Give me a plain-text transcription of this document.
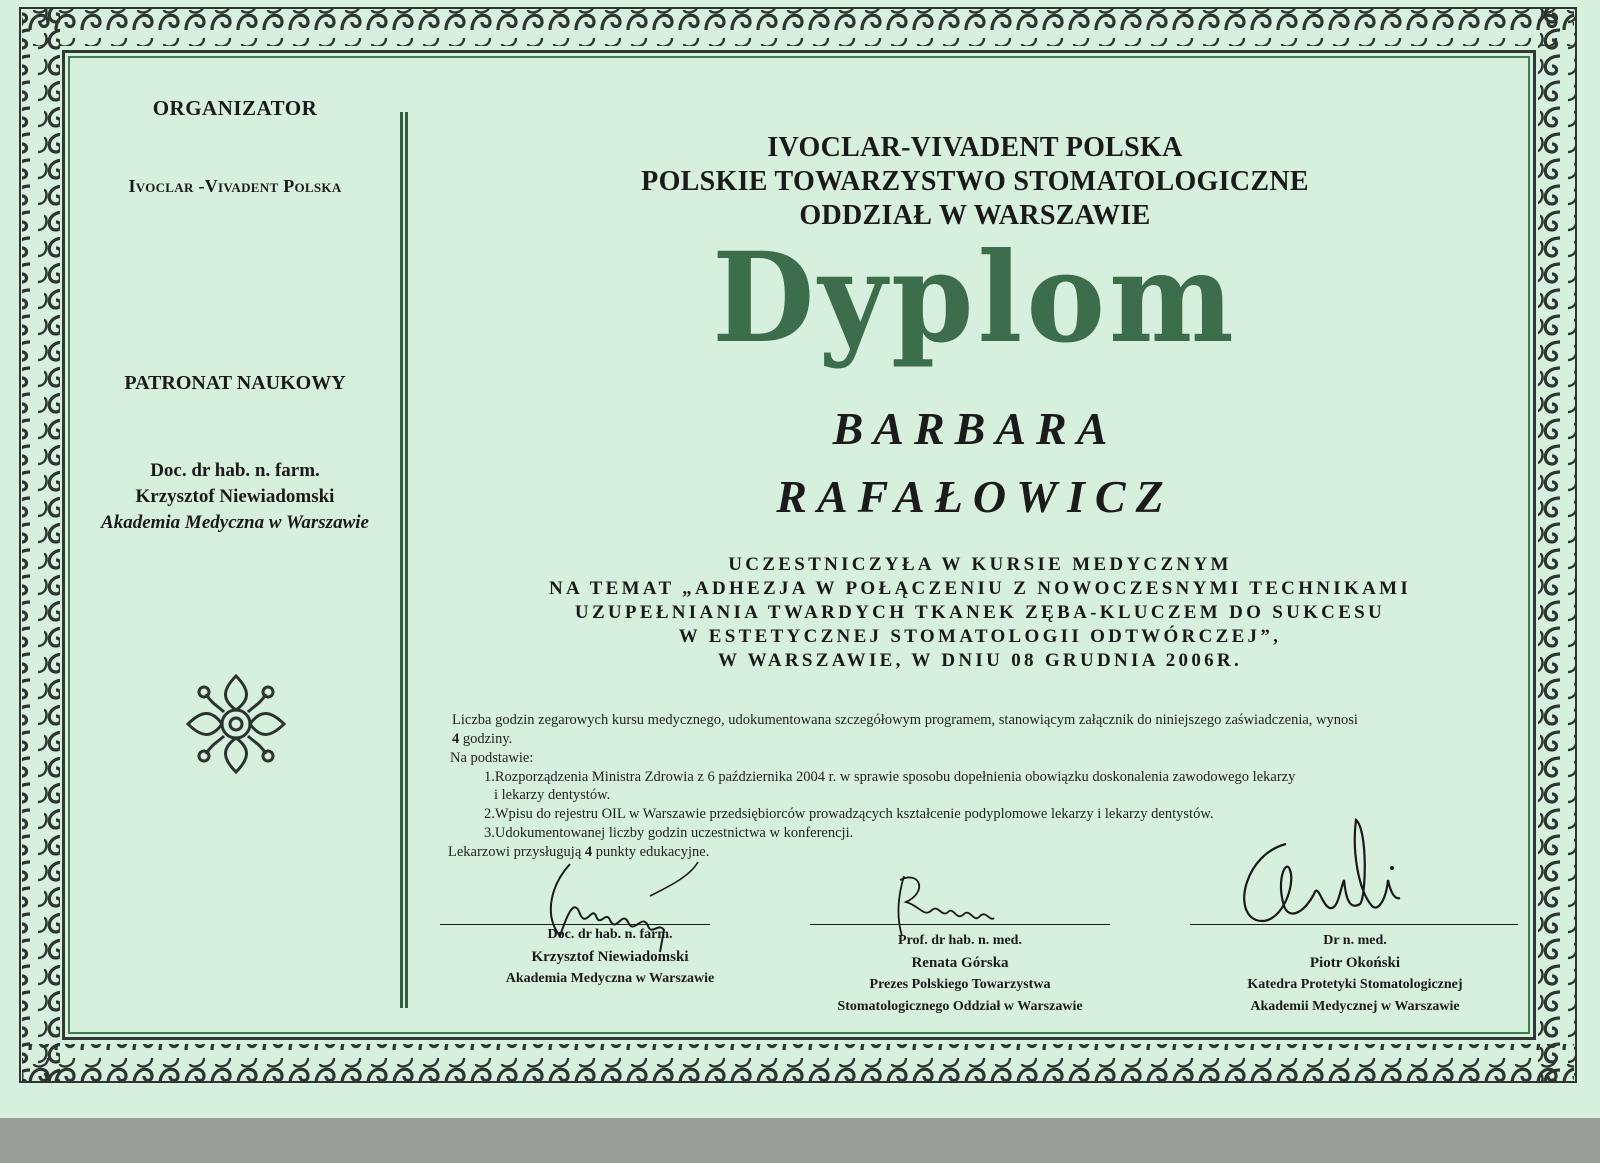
ORGANIZATOR
Ivoclar -Vivadent Polska
PATRONAT NAUKOWY
Doc. dr hab. n. farm.
Krzysztof Niewiadomski
Akademia Medyczna w Warszawie
IVOCLAR-VIVADENT POLSKA
POLSKIE TOWARZYSTWO STOMATOLOGICZNE
ODDZIAŁ W WARSZAWIE
Dyplom
BARBARA
RAFAŁOWICZ
UCZESTNICZYŁA W KURSIE MEDYCZNYM
NA TEMAT „ADHEZJA W POŁĄCZENIU Z NOWOCZESNYMI TECHNIKAMI
UZUPEŁNIANIA TWARDYCH TKANEK ZĘBA-KLUCZEM DO SUKCESU
W ESTETYCZNEJ STOMATOLOGII ODTWÓRCZEJ”,
W WARSZAWIE, W DNIU 08 GRUDNIA 2006R.
Liczba godzin zegarowych kursu medycznego, udokumentowana szczegółowym programem, stanowiącym załącznik do niniejszego zaświadczenia, wynosi
4 godziny.
Na podstawie:
1.Rozporządzenia Ministra Zdrowia z 6 października 2004 r. w sprawie sposobu dopełnienia obowiązku doskonalenia zawodowego lekarzy
i lekarzy dentystów.
2.Wpisu do rejestru OIL w Warszawie przedsiębiorców prowadzących kształcenie podyplomowe lekarzy i lekarzy dentystów.
3.Udokumentowanej liczby godzin uczestnictwa w konferencji.
Lekarzowi przysługują 4 punkty edukacyjne.
Doc. dr hab. n. farm.
Krzysztof Niewiadomski
Akademia Medyczna w Warszawie
Prof. dr hab. n. med.
Renata Górska
Prezes Polskiego Towarzystwa
Stomatologicznego Oddział w Warszawie
Dr n. med.
Piotr Okoński
Katedra Protetyki Stomatologicznej
Akademii Medycznej w Warszawie
